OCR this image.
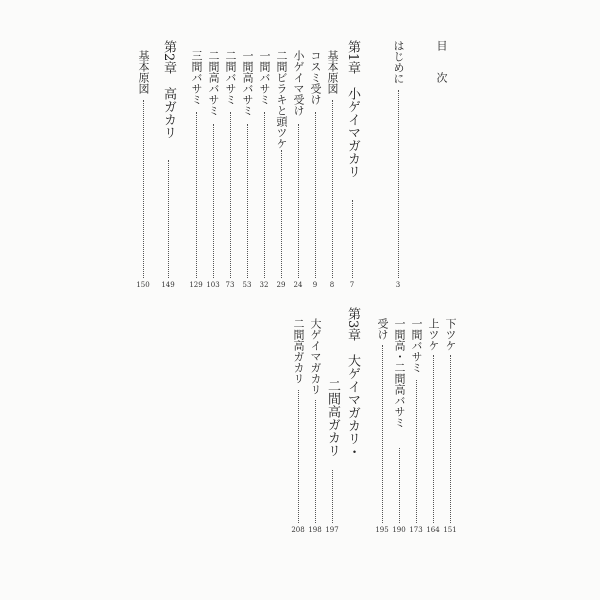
目
次
はじめに
3
第1章　小ゲイマガカリ
7
基本原図
8
コスミ受け
9
小ゲイマ受け
24
二間ビラキと頭ツケ
29
一間バサミ
32
一間高バサミ
53
二間バサミ
73
二間高バサミ
103
三間バサミ
129
第2章　高ガカリ
149
基本原図
150
下ツケ
151
上ツケ
164
一間バサミ
173
一間高・二間高バサミ
190
受け
195
第3章　大ゲイマガカリ・
二間高ガカリ
197
大ゲイマガカリ
198
二間高ガカリ
208
